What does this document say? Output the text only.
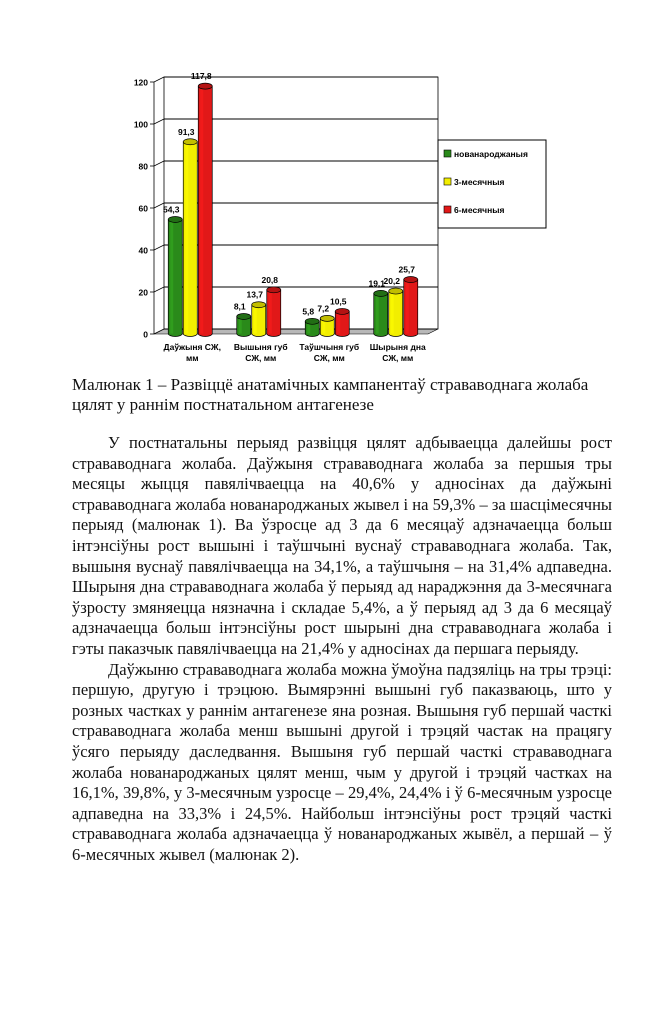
0
20
40
60
80
100
120
54,3
91,3
117,8
Даўжыня СЖ,
мм
8,1
13,7
20,8
Вышыня губ
СЖ, мм
5,8 7,2
10,5
Таўшчыня губ
СЖ, мм
19,1
20,2
25,7
Шырыня дна
СЖ, мм
нованароджаныя
3-месячныя
6-месячныя
Малюнак 1 – Развіццё анатамічных кампанентаў страваводнага жолаба цялят у раннім постнатальном антагенезе

У постнатальны перыяд развіцця цялят адбываецца далейшы рост страваводнага жолаба. Даўжыня страваводнага жолаба за першыя тры месяцы жыцця павялічваецца на 40,6% у адносінах да даўжыні страваводнага жолаба нованароджаных жывел і на 59,3% – за шасцімесячны перыяд (малюнак 1). Ва ўзросце ад 3 да 6 месяцаў адзначаецца больш інтэнсіўны рост вышыні і таўшчыні вуснаў страваводнага жолаба. Так, вышыня вуснаў павялічваецца на 34,1%, а таўшчыня – на 31,4% адпаведна. Шырыня дна страваводнага жолаба ў перыяд ад нараджэння да 3-месячнага ўзросту змяняецца нязначна і складае 5,4%, а ў перыяд ад 3 да 6 месяцаў адзначаецца больш інтэнсіўны рост шырыні дна страваводнага жолаба і гэты паказчык павялічваецца на 21,4% у адносінах да першага перыяду.

Даўжыню страваводнага жолаба можна ўмоўна падзяліць на тры трэці: першую, другую і трэцюю. Вымярэнні вышыні губ паказваюць, што у розных частках у раннім антагенезе яна розная. Вышыня губ першай часткі страваводнага жолаба менш вышыні другой і трэцяй частак на працягу ўсяго перыяду даследвання. Вышыня губ першай часткі страваводнага жолаба нованароджаных цялят менш, чым у другой і трэцяй частках на 16,1%, 39,8%, у 3-месячным узросце – 29,4%, 24,4% і ў 6-месячным узросце адпаведна на 33,3% і 24,5%. Найбольш інтэнсіўны рост трэцяй часткі страваводнага жолаба адзначаецца ў нованароджаных жывёл, а першай – ў 6-месячных жывел (малюнак 2).
